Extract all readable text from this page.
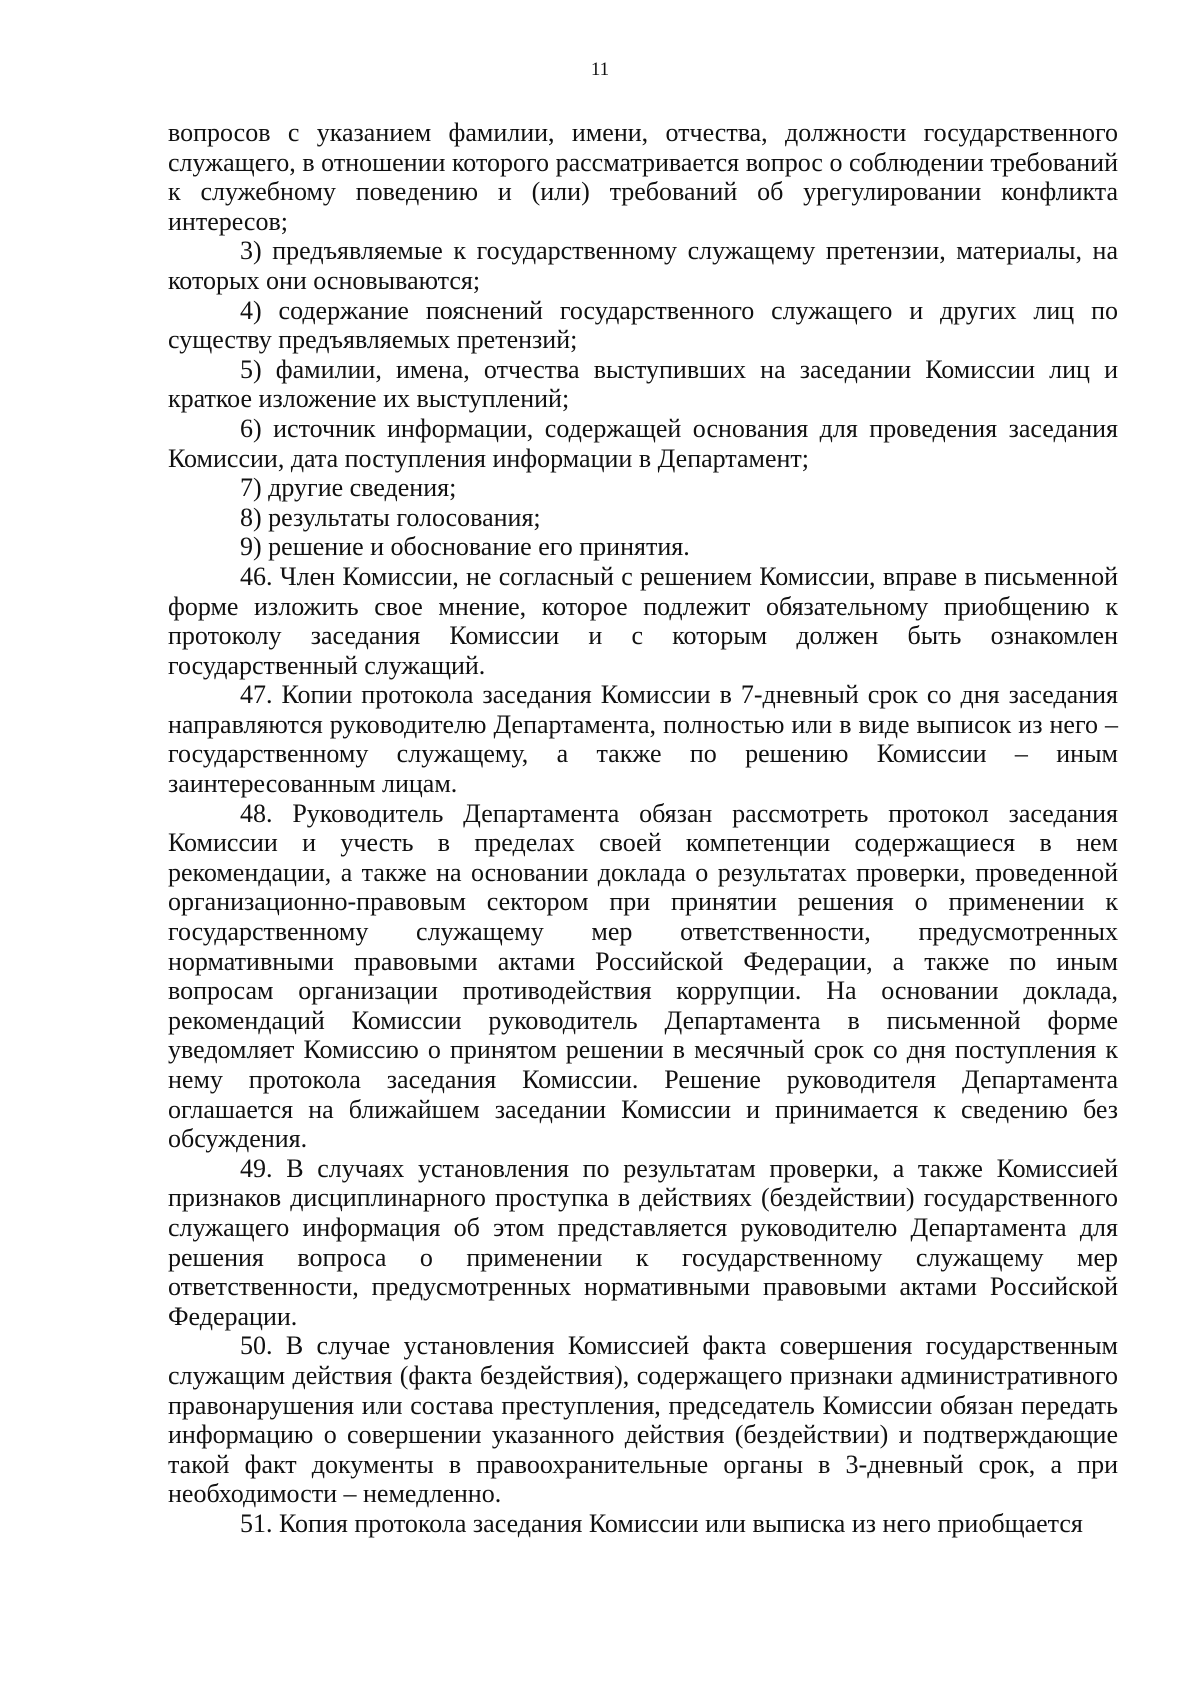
11

вопросов с указанием фамилии, имени, отчества, должности государственного служащего, в отношении которого рассматривается вопрос о соблюдении требований к служебному поведению и (или) требований об урегулировании конфликта интересов;

3) предъявляемые к государственному служащему претензии, материалы, на которых они основываются;

4) содержание пояснений государственного служащего и других лиц по существу предъявляемых претензий;

5) фамилии, имена, отчества выступивших на заседании Комиссии лиц и краткое изложение их выступлений;

6) источник информации, содержащей основания для проведения заседания Комиссии, дата поступления информации в Департамент;

7) другие сведения;

8) результаты голосования;

9) решение и обоснование его принятия.

46. Член Комиссии, не согласный с решением Комиссии, вправе в письменной форме изложить свое мнение, которое подлежит обязательному приобщению к протоколу заседания Комиссии и с которым должен быть ознакомлен государственный служащий.

47. Копии протокола заседания Комиссии в 7-дневный срок со дня заседания направляются руководителю Департамента, полностью или в виде выписок из него – государственному служащему, а также по решению Комиссии – иным заинтересованным лицам.

48. Руководитель Департамента обязан рассмотреть протокол заседания Комиссии и учесть в пределах своей компетенции содержащиеся в нем рекомендации, а также на основании доклада о результатах проверки, проведенной организационно-правовым сектором при принятии решения о применении к государственному служащему мер ответственности, предусмотренных нормативными правовыми актами Российской Федерации, а также по иным вопросам организации противодействия коррупции. На основании доклада, рекомендаций Комиссии руководитель Департамента в письменной форме уведомляет Комиссию о принятом решении в месячный срок со дня поступления к нему протокола заседания Комиссии. Решение руководителя Департамента оглашается на ближайшем заседании Комиссии и принимается к сведению без обсуждения.

49. В случаях установления по результатам проверки, а также Комиссией признаков дисциплинарного проступка в действиях (бездействии) государственного служащего информация об этом представляется руководителю Департамента для решения вопроса о применении к государственному служащему мер ответственности, предусмотренных нормативными правовыми актами Российской Федерации.

50. В случае установления Комиссией факта совершения государственным служащим действия (факта бездействия), содержащего признаки административного правонарушения или состава преступления, председатель Комиссии обязан передать информацию о совершении указанного действия (бездействии) и подтверждающие такой факт документы в правоохранительные органы в 3-дневный срок, а при необходимости – немедленно.

51. Копия протокола заседания Комиссии или выписка из него приобщается
